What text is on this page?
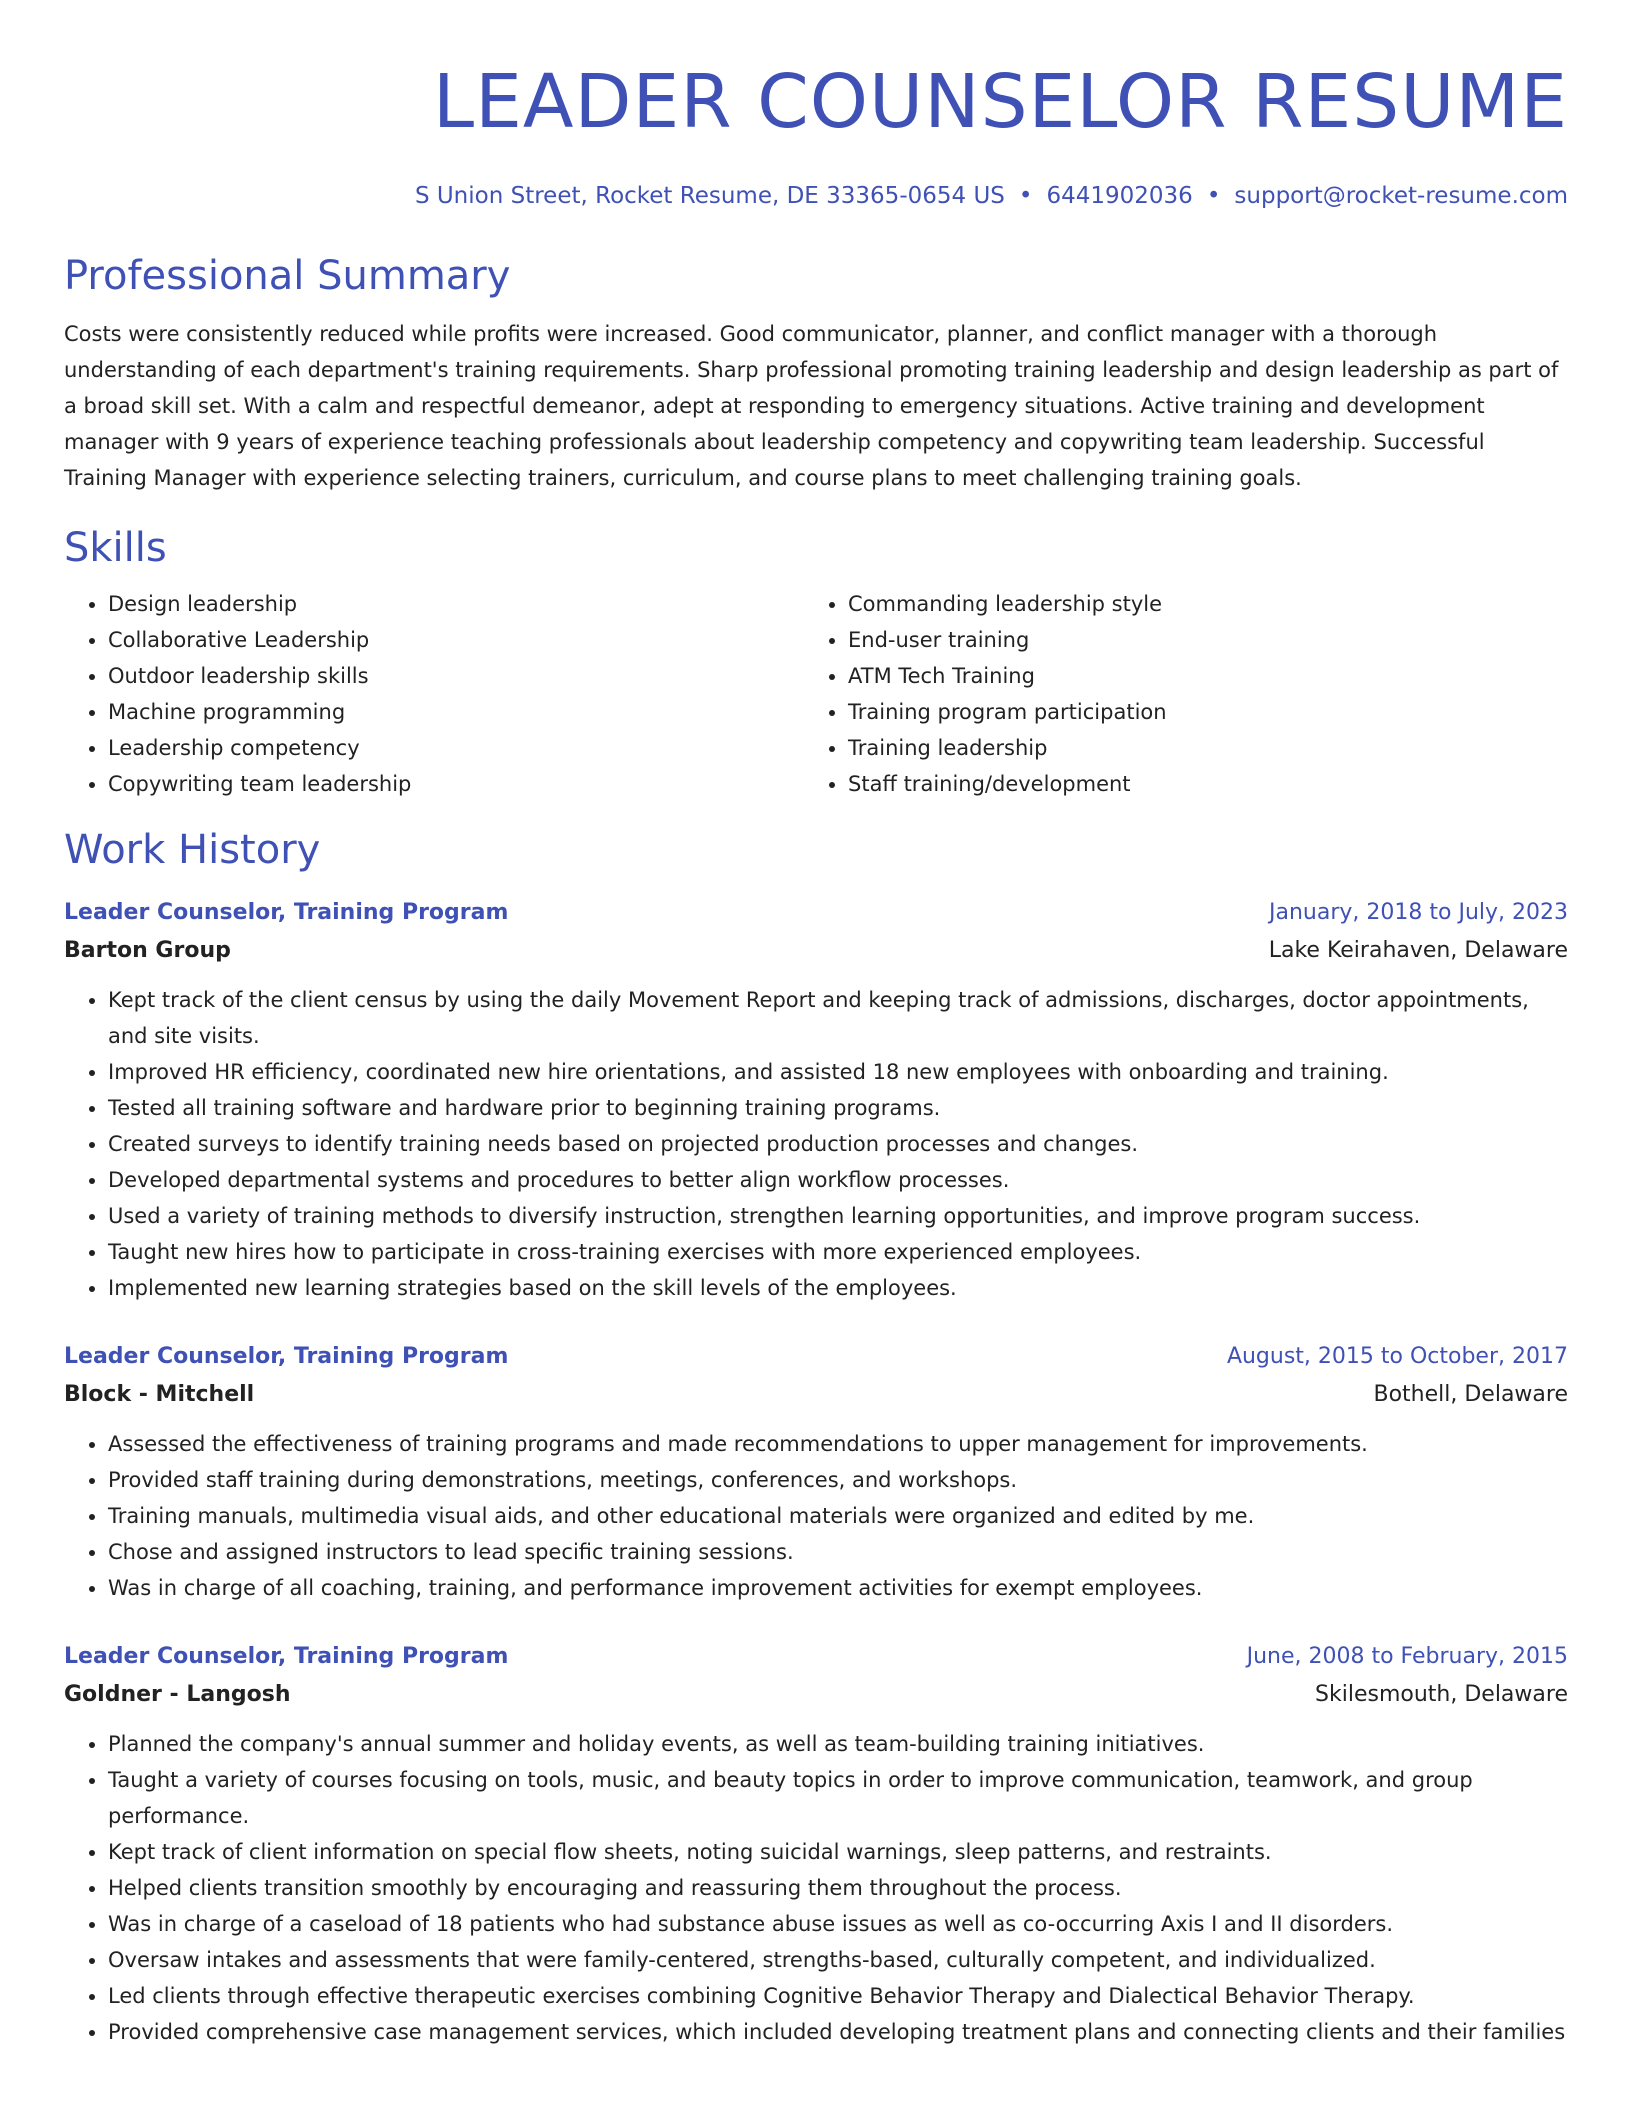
LEADER COUNSELOR RESUME
S Union Street, Rocket Resume, DE 33365-0654 US • 6441902036 • support@rocket-resume.com
Professional Summary
Costs were consistently reduced while profits were increased. Good communicator, planner, and conflict manager with a thorough understanding of each department's training requirements. Sharp professional promoting training leadership and design leadership as part of a broad skill set. With a calm and respectful demeanor, adept at responding to emergency situations. Active training and development manager with 9 years of experience teaching professionals about leadership competency and copywriting team leadership. Successful Training Manager with experience selecting trainers, curriculum, and course plans to meet challenging training goals.
Skills
• Design leadership
• Collaborative Leadership
• Outdoor leadership skills
• Machine programming
• Leadership competency
• Copywriting team leadership
• Commanding leadership style
• End-user training
• ATM Tech Training
• Training program participation
• Training leadership
• Staff training/development
Work History
Leader Counselor, Training Program	January, 2018 to July, 2023
Barton Group	Lake Keirahaven, Delaware
• Kept track of the client census by using the daily Movement Report and keeping track of admissions, discharges, doctor appointments, and site visits.
• Improved HR efficiency, coordinated new hire orientations, and assisted 18 new employees with onboarding and training.
• Tested all training software and hardware prior to beginning training programs.
• Created surveys to identify training needs based on projected production processes and changes.
• Developed departmental systems and procedures to better align workflow processes.
• Used a variety of training methods to diversify instruction, strengthen learning opportunities, and improve program success.
• Taught new hires how to participate in cross-training exercises with more experienced employees.
• Implemented new learning strategies based on the skill levels of the employees.
Leader Counselor, Training Program	August, 2015 to October, 2017
Block - Mitchell	Bothell, Delaware
• Assessed the effectiveness of training programs and made recommendations to upper management for improvements.
• Provided staff training during demonstrations, meetings, conferences, and workshops.
• Training manuals, multimedia visual aids, and other educational materials were organized and edited by me.
• Chose and assigned instructors to lead specific training sessions.
• Was in charge of all coaching, training, and performance improvement activities for exempt employees.
Leader Counselor, Training Program	June, 2008 to February, 2015
Goldner - Langosh	Skilesmouth, Delaware
• Planned the company's annual summer and holiday events, as well as team-building training initiatives.
• Taught a variety of courses focusing on tools, music, and beauty topics in order to improve communication, teamwork, and group performance.
• Kept track of client information on special flow sheets, noting suicidal warnings, sleep patterns, and restraints.
• Helped clients transition smoothly by encouraging and reassuring them throughout the process.
• Was in charge of a caseload of 18 patients who had substance abuse issues as well as co-occurring Axis I and II disorders.
• Oversaw intakes and assessments that were family-centered, strengths-based, culturally competent, and individualized.
• Led clients through effective therapeutic exercises combining Cognitive Behavior Therapy and Dialectical Behavior Therapy.
• Provided comprehensive case management services, which included developing treatment plans and connecting clients and their families
